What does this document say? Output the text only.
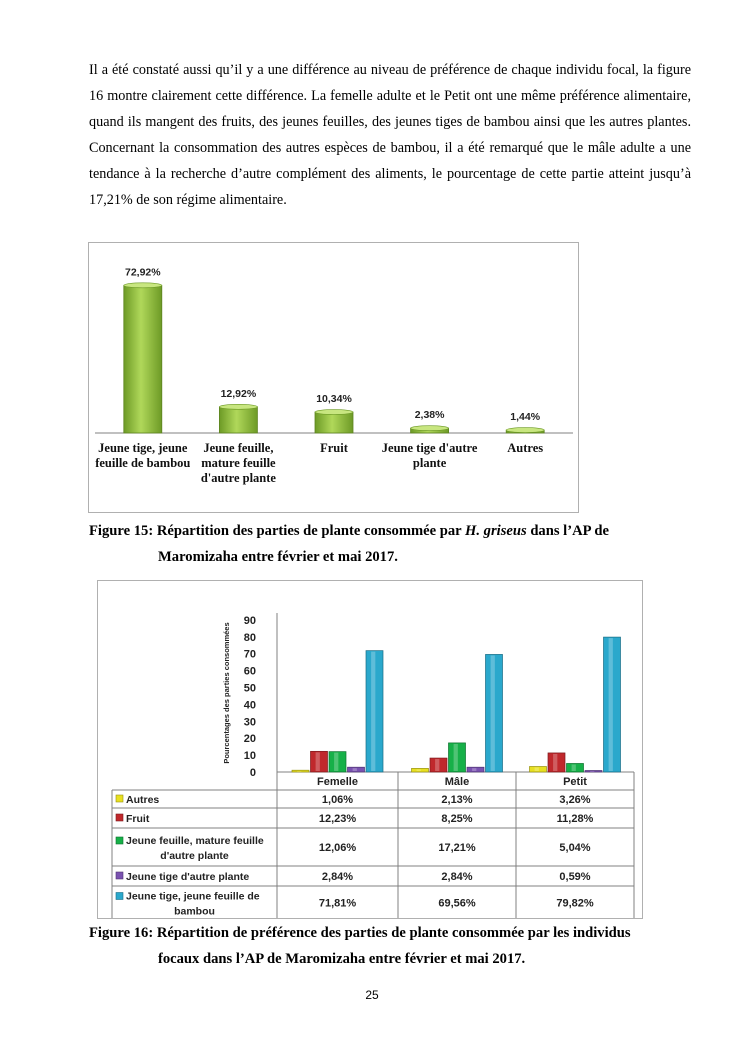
Il a été constaté aussi qu’il y a une différence au niveau de préférence de chaque individu focal, la figure 16 montre clairement cette différence. La femelle adulte et le Petit ont une même préférence alimentaire, quand ils mangent des fruits, des jeunes feuilles, des jeunes tiges de bambou ainsi que les autres plantes. Concernant la consommation des autres espèces de bambou, il a été remarqué que le mâle adulte a une tendance à la recherche d’autre complément des aliments, le pourcentage de cette partie atteint jusqu’à 17,21% de son régime alimentaire.

72,92%
Jeune tige, jeune
feuille de bambou
12,92%
Jeune feuille,
mature feuille
d'autre plante
10,34%
Fruit
2,38%
Jeune tige d'autre
plante
1,44%
Autres

Figure 15: Répartition des parties de plante consommée par H. griseus dans l’AP de
Maromizaha entre février et mai 2017.

Pourcentages des parties consommées
0
10
20
30
40
50
60
70
80
90
Femelle	Mâle	Petit
Autres	1,06%	2,13%	3,26%
Fruit	12,23%	8,25%	11,28%
Jeune feuille, mature feuille
d'autre plante
12,06%	17,21%	5,04%
Jeune tige d'autre plante	2,84%	2,84%	0,59%
Jeune tige, jeune feuille de
bambou
71,81%	69,56%	79,82%

Figure 16: Répartition de préférence des parties de plante consommée par les individus
focaux dans l’AP de Maromizaha entre février et mai 2017.

25
